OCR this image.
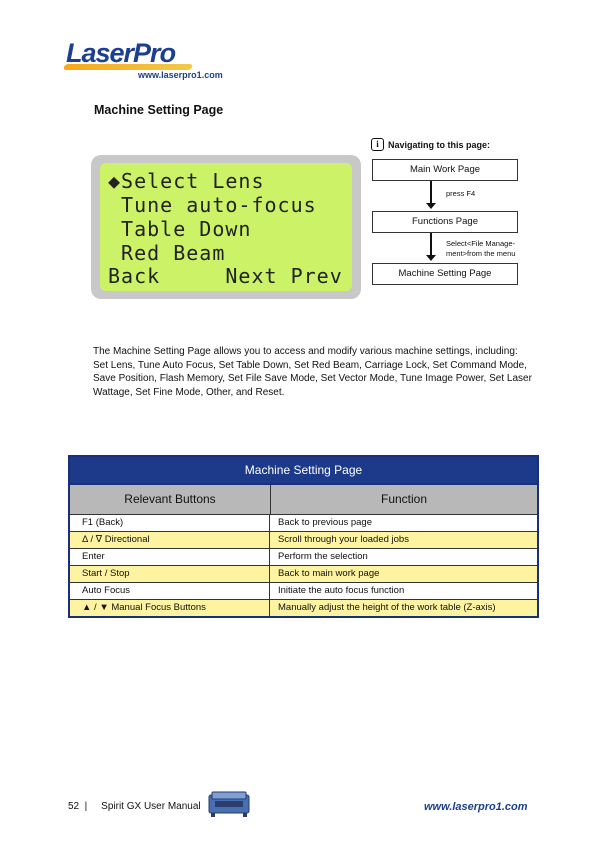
LaserPro
www.laserpro1.com
Machine Setting Page
◆Select Lens
Tune auto-focus
Table Down
Red Beam
Back     Next Prev
i	Navigating to this page:
Main Work Page
press F4
Functions Page
Select<File Manage-
ment>from the menu
Machine Setting Page
The Machine Setting Page allows you to access and modify various machine settings, including: Set Lens, Tune Auto Focus, Set Table Down, Set Red Beam, Carriage Lock, Set Command Mode, Save Position, Flash Memory, Set File Save Mode, Set Vector Mode, Tune Image Power, Set Laser Wattage, Set Fine Mode, Other, and Reset.
Machine Setting Page
Relevant Buttons	Function
F1 (Back)	Back to previous page
Δ / ∇ Directional	Scroll through your loaded jobs
Enter	Perform the selection
Start / Stop	Back to main work page
Auto Focus	Initiate the auto focus function
▲ / ▼ Manual Focus Buttons	Manually adjust the height of the work table (Z-axis)
52  |     Spirit GX User Manual	www.laserpro1.com
